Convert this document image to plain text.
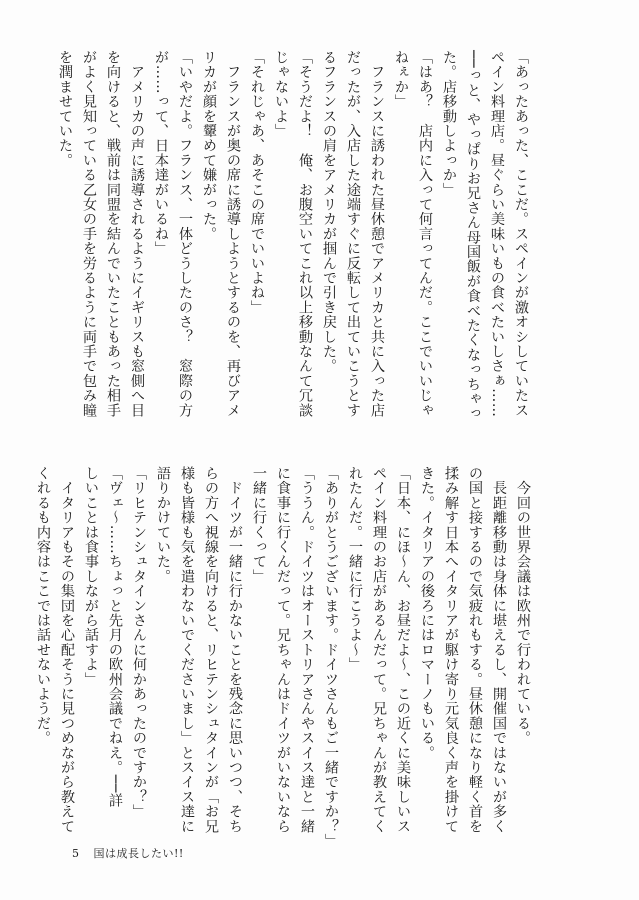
「あったあった、ここだ。スペインが激オシしていたス

ペイン料理店。昼ぐらい美味いもの食べたいしさぁ……

──っと、やっぱりお兄さん母国飯が食べたくなっちゃっ

た。店移動しよっか」

「はあ？　店内に入って何言ってんだ。ここでいいじゃ

ねぇか」

　フランスに誘われた昼休憩でアメリカと共に入った店

だったが、入店した途端すぐに反転して出ていこうとす

るフランスの肩をアメリカが掴んで引き戻した。

「そうだよ！　俺、お腹空いてこれ以上移動なんて冗談

じゃないよ」

「それじゃあ、あそこの席でいいよね」

　フランスが奥の席に誘導しようとするのを、再びアメ

リカが顔を顰めて嫌がった。

「いやだよ。フランス、一体どうしたのさ？　窓際の方

が……って、日本達がいるね」

　アメリカの声に誘導されるようにイギリスも窓側へ目

を向けると、戦前は同盟を結んでいたこともあった相手

がよく見知っている乙女の手を労るように両手で包み瞳

を潤ませていた。

　今回の世界会議は欧州で行われている。

　長距離移動は身体に堪えるし、開催国ではないが多く

の国と接するので気疲れもする。昼休憩になり軽く首を

揉み解す日本へイタリアが駆け寄り元気良く声を掛けて

きた。イタリアの後ろにはロマーノもいる。

「日本、にほ～ん、お昼だよ～、この近くに美味しいス

ペイン料理のお店があるんだって。兄ちゃんが教えてく

れたんだ。一緒に行こうよ～」

「ありがとうございます。ドイツさんもご一緒ですか？」

「ううん。ドイツはオーストリアさんやスイス達と一緒

に食事に行くんだって。兄ちゃんはドイツがいないなら

一緒に行くって」

　ドイツが一緒に行かないことを残念に思いつつ、そち

らの方へ視線を向けると、リヒテンシュタインが「お兄

様も皆様も気を遣わないでくださいまし」とスイス達に

語りかけていた。

「リヒテンシュタインさんに何かあったのですか？」

「ヴェ～……ちょっと先月の欧州会議でねえ。──詳

しいことは食事しながら話すよ」

　イタリアもその集団を心配そうに見つめながら教えて

くれるも内容はここでは話せないようだ。

5 国は成長したい!!
